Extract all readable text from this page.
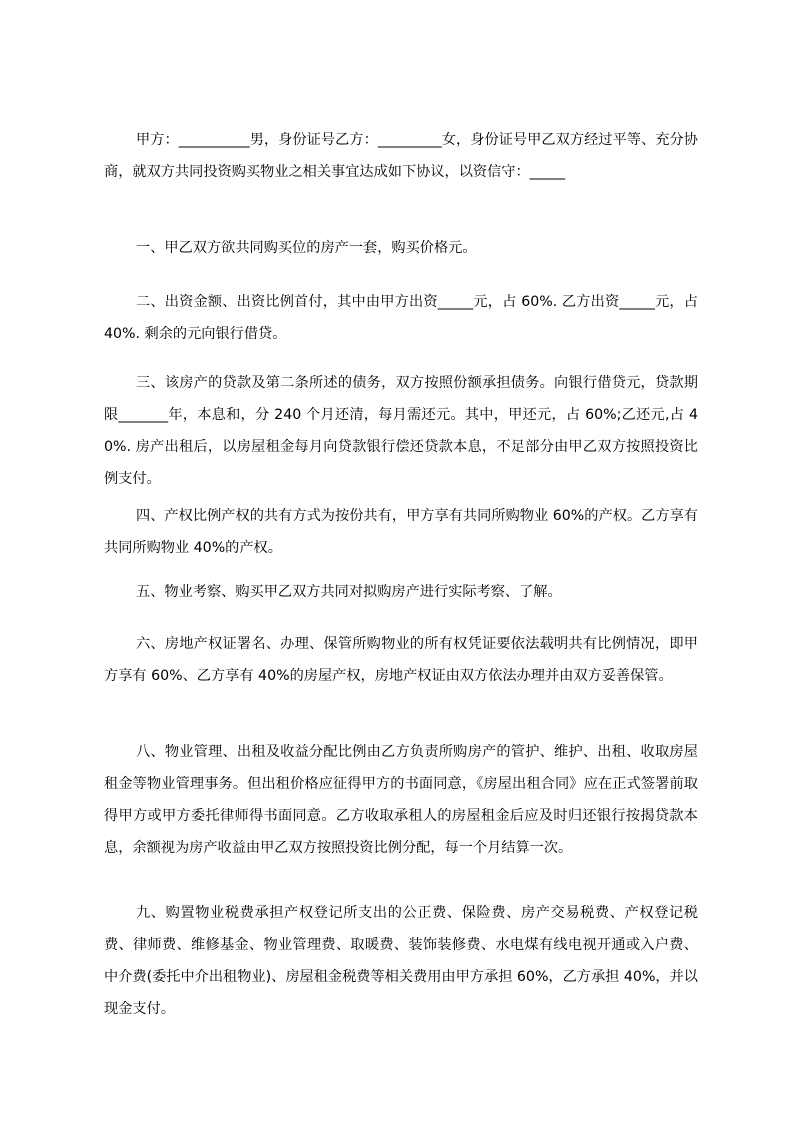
甲方：__________男，身份证号乙方：_________女，身份证号甲乙双方经过平等、充分协商，就双方共同投资购买物业之相关事宜达成如下协议，以资信守：_____

一、甲乙双方欲共同购买位的房产一套，购买价格元。

二、出资金额、出资比例首付，其中由甲方出资_____元，占 60%. 乙方出资_____元，占 40%. 剩余的元向银行借贷。

三、该房产的贷款及第二条所述的债务，双方按照份额承担债务。向银行借贷元，贷款期限_______年，本息和，分 240 个月还清，每月需还元。其中，甲还元，占 60%;乙还元,占 40%. 房产出租后，以房屋租金每月向贷款银行偿还贷款本息，不足部分由甲乙双方按照投资比例支付。

四、产权比例产权的共有方式为按份共有，甲方享有共同所购物业 60%的产权。乙方享有共同所购物业 40%的产权。

五、物业考察、购买甲乙双方共同对拟购房产进行实际考察、了解。

六、房地产权证署名、办理、保管所购物业的所有权凭证要依法载明共有比例情况，即甲方享有 60%、乙方享有 40%的房屋产权，房地产权证由双方依法办理并由双方妥善保管。

八、物业管理、出租及收益分配比例由乙方负责所购房产的管护、维护、出租、收取房屋租金等物业管理事务。但出租价格应征得甲方的书面同意，《房屋出租合同》应在正式签署前取得甲方或甲方委托律师得书面同意。乙方收取承租人的房屋租金后应及时归还银行按揭贷款本息，余额视为房产收益由甲乙双方按照投资比例分配，每一个月结算一次。

九、购置物业税费承担产权登记所支出的公正费、保险费、房产交易税费、产权登记税费、律师费、维修基金、物业管理费、取暖费、装饰装修费、水电煤有线电视开通或入户费、中介费(委托中介出租物业)、房屋租金税费等相关费用由甲方承担 60%，乙方承担 40%，并以现金支付。
